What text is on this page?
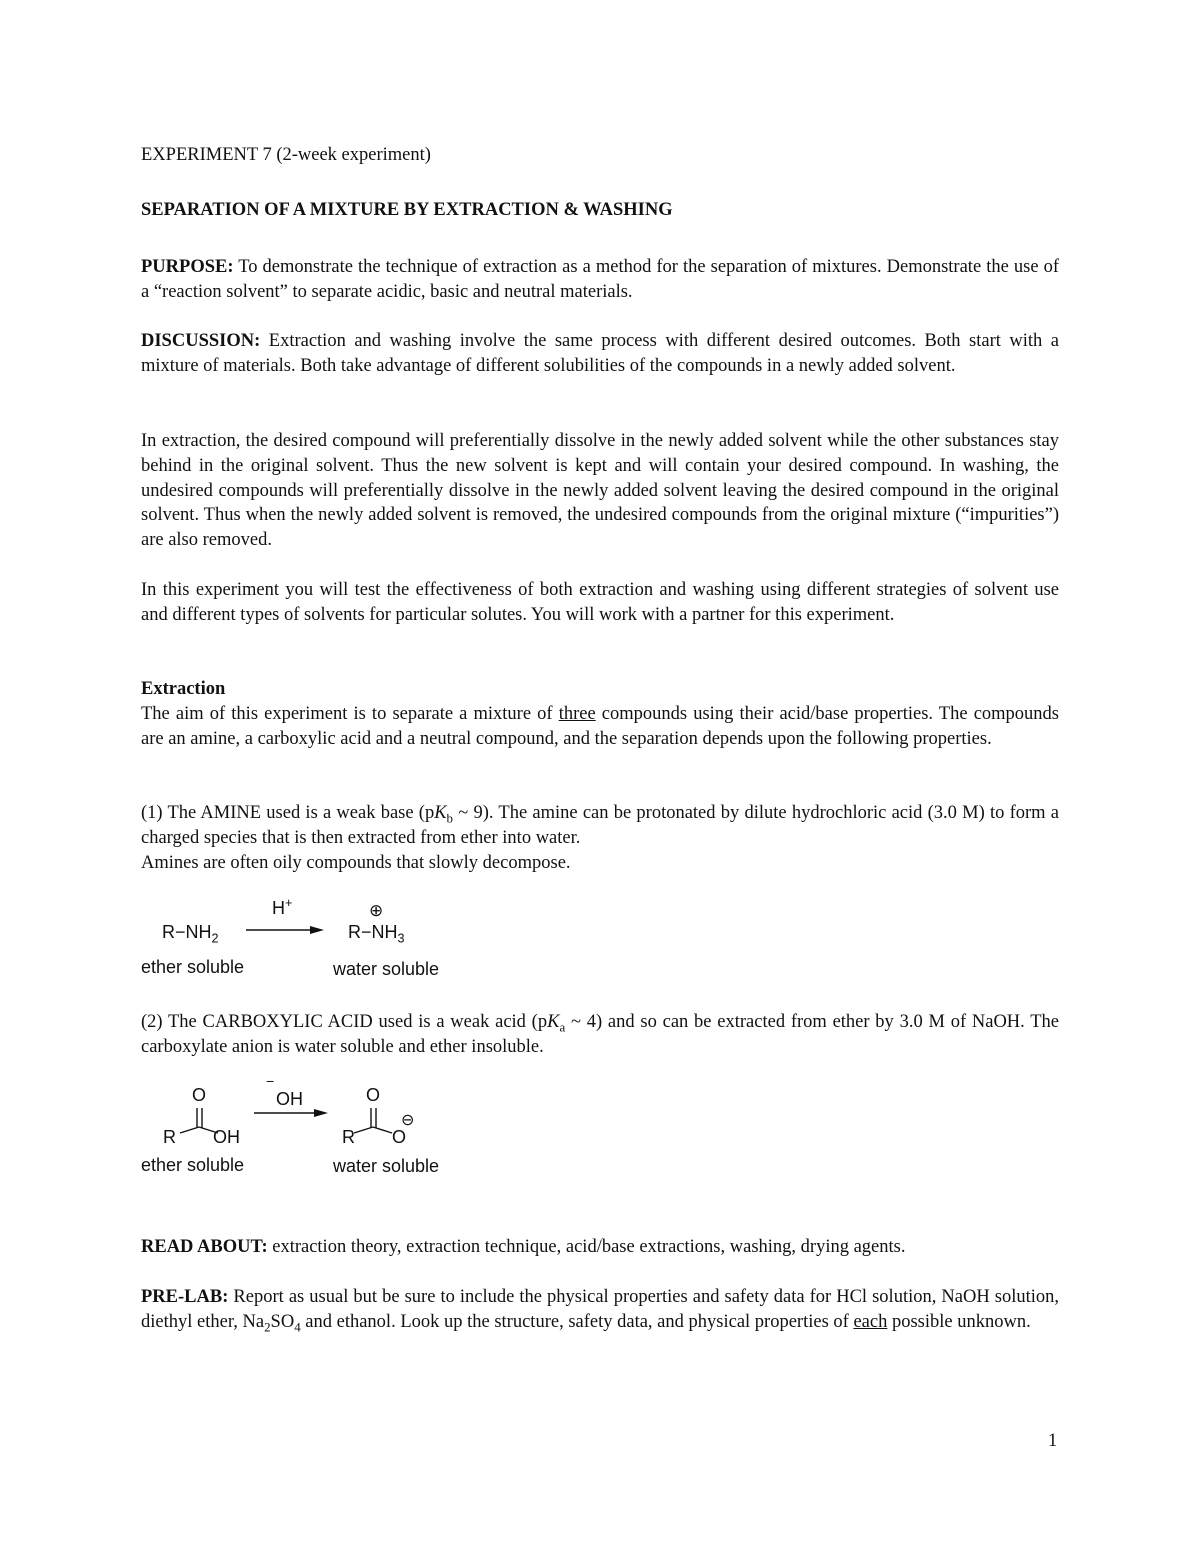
EXPERIMENT 7 (2-week experiment)

SEPARATION OF A MIXTURE BY EXTRACTION & WASHING

PURPOSE: To demonstrate the technique of extraction as a method for the separation of mixtures. Demonstrate the use of a “reaction solvent” to separate acidic, basic and neutral materials.

DISCUSSION: Extraction and washing involve the same process with different desired outcomes. Both start with a mixture of materials. Both take advantage of different solubilities of the compounds in a newly added solvent.

In extraction, the desired compound will preferentially dissolve in the newly added solvent while the other substances stay behind in the original solvent. Thus the new solvent is kept and will contain your desired compound. In washing, the undesired compounds will preferentially dissolve in the newly added solvent leaving the desired compound in the original solvent. Thus when the newly added solvent is removed, the undesired compounds from the original mixture (“impurities”) are also removed.

In this experiment you will test the effectiveness of both extraction and washing using different strategies of solvent use and different types of solvents for particular solutes. You will work with a partner for this experiment.

Extraction

The aim of this experiment is to separate a mixture of three compounds using their acid/base properties. The compounds are an amine, a carboxylic acid and a neutral compound, and the separation depends upon the following properties.

(1) The AMINE used is a weak base ($pK_b$ ~ 9). The amine can be protonated by dilute hydrochloric acid (3.0 M) to form a charged species that is then extracted from ether into water.

Amines are often oily compounds that slowly decompose.

H+
$R-NH_2$
⊕
$R-NH_3$
ether soluble	water soluble

(2) The CARBOXYLIC ACID used is a weak acid ($pK_a$ ~ 4) and so can be extracted from ether by 3.0 M of NaOH. The carboxylate anion is water soluble and ether insoluble.

O
R OH
−
OH	O
R O
⊖
ether soluble	water soluble

READ ABOUT: extraction theory, extraction technique, acid/base extractions, washing, drying agents.

PRE-LAB: Report as usual but be sure to include the physical properties and safety data for HCl solution, NaOH solution, diethyl ether, $Na_2SO_4$ and ethanol. Look up the structure, safety data, and physical properties of each possible unknown.

1
